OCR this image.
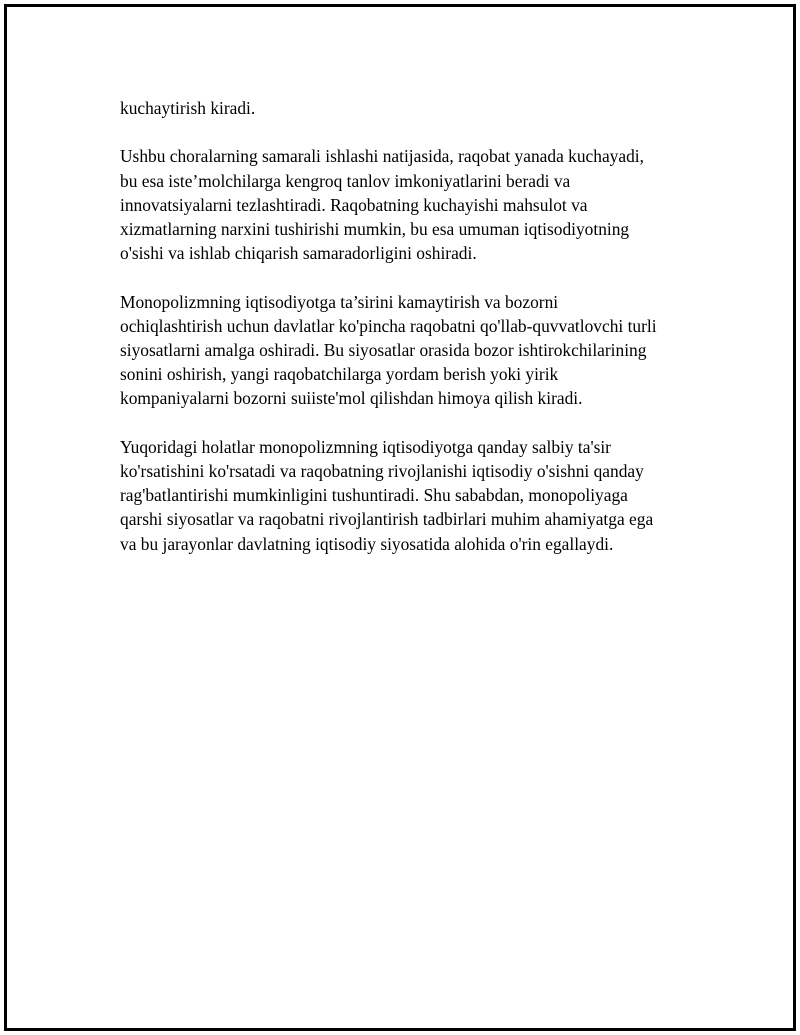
kuchaytirish kiradi.
Ushbu choralarning samarali ishlashi natijasida, raqobat yanada kuchayadi,
bu esa iste’molchilarga kengroq tanlov imkoniyatlarini beradi va
innovatsiyalarni tezlashtiradi. Raqobatning kuchayishi mahsulot va
xizmatlarning narxini tushirishi mumkin, bu esa umuman iqtisodiyotning
o'sishi va ishlab chiqarish samaradorligini oshiradi.
Monopolizmning iqtisodiyotga ta’sirini kamaytirish va bozorni
ochiqlashtirish uchun davlatlar ko'pincha raqobatni qo'llab-quvvatlovchi turli
siyosatlarni amalga oshiradi. Bu siyosatlar orasida bozor ishtirokchilarining
sonini oshirish, yangi raqobatchilarga yordam berish yoki yirik
kompaniyalarni bozorni suiiste'mol qilishdan himoya qilish kiradi.
Yuqoridagi holatlar monopolizmning iqtisodiyotga qanday salbiy ta'sir
ko'rsatishini ko'rsatadi va raqobatning rivojlanishi iqtisodiy o'sishni qanday
rag'batlantirishi mumkinligini tushuntiradi. Shu sababdan, monopoliyaga
qarshi siyosatlar va raqobatni rivojlantirish tadbirlari muhim ahamiyatga ega
va bu jarayonlar davlatning iqtisodiy siyosatida alohida o'rin egallaydi.
